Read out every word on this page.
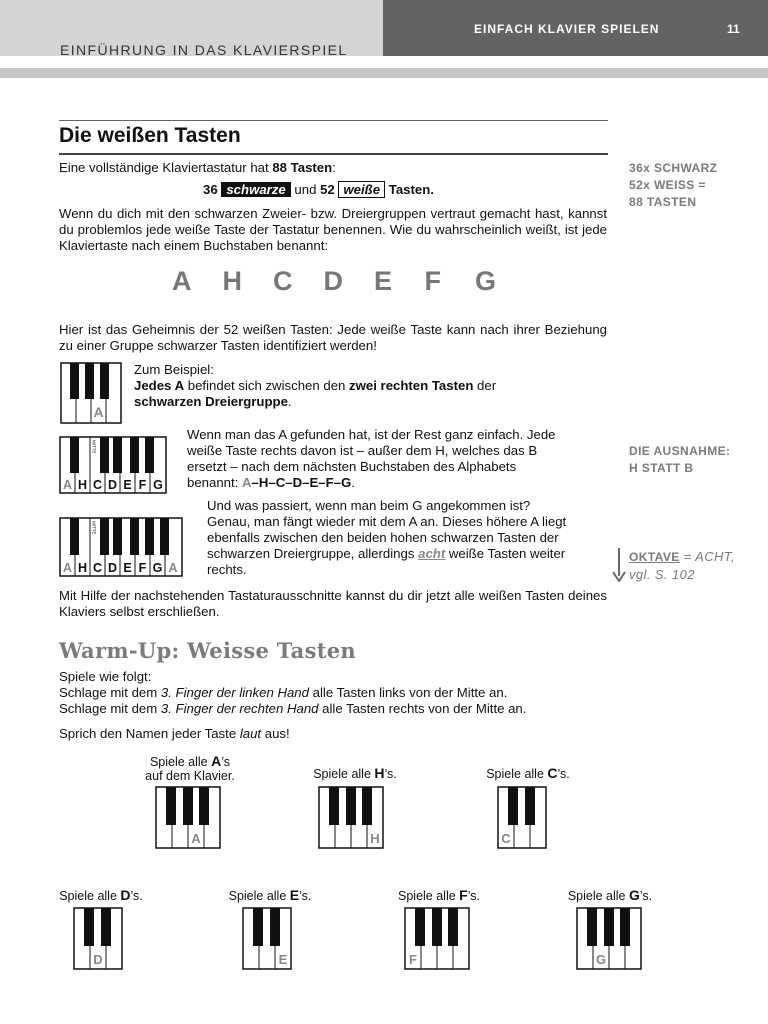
EINFÜHRUNG IN DAS KLAVIERSPIEL
EINFACH KLAVIER SPIELEN	11
Die weißen Tasten
Eine vollständige Klaviertastatur hat 88 Tasten:
36 schwarze und 52 weiße Tasten.
Wenn du dich mit den schwarzen Zweier- bzw. Dreiergruppen vertraut gemacht hast, kannst du problemlos jede weiße Taste der Tastatur benennen. Wie du wahrscheinlich weißt, ist jede Klaviertaste nach einem Buchstaben benannt:
A H C D E F G
Hier ist das Geheimnis der 52 weißen Tasten: Jede weiße Taste kann nach ihrer Beziehung zu einer Gruppe schwarzer Tasten identifiziert werden!
A
Zum Beispiel:
Jedes A befindet sich zwischen den zwei rechten Tasten der
schwarzen Dreiergruppe.
MITTE
A H C D E F G
Wenn man das A gefunden hat, ist der Rest ganz einfach. Jede weiße Taste rechts davon ist – außer dem H, welches das B ersetzt – nach dem nächsten Buchstaben des Alphabets benannt: A–H–C–D–E–F–G.
MITTE
A H C D E F G A
Und was passiert, wenn man beim G angekommen ist? Genau, man fängt wieder mit dem A an. Dieses höhere A liegt ebenfalls zwischen den beiden hohen schwarzen Tasten der schwarzen Dreiergruppe, allerdings acht weiße Tasten weiter rechts.
Mit Hilfe der nachstehenden Tastaturausschnitte kannst du dir jetzt alle weißen Tasten deines Klaviers selbst erschließen.
36x SCHWARZ
52x WEISS =
88 TASTEN
DIE AUSNAHME:
H STATT B
OKTAVE = ACHT,
vgl. S. 102
Warm-Up: Weisse Tasten
Spiele wie folgt:
Schlage mit dem 3. Finger der linken Hand alle Tasten links von der Mitte an.
Schlage mit dem 3. Finger der rechten Hand alle Tasten rechts von der Mitte an.
Sprich den Namen jeder Taste laut aus!
Spiele alle A’s
auf dem Klavier.
A
Spiele alle H’s.
H
Spiele alle C’s.
C
Spiele alle D’s.
D
Spiele alle E’s.
E
Spiele alle F’s.
F
Spiele alle G’s.
G
